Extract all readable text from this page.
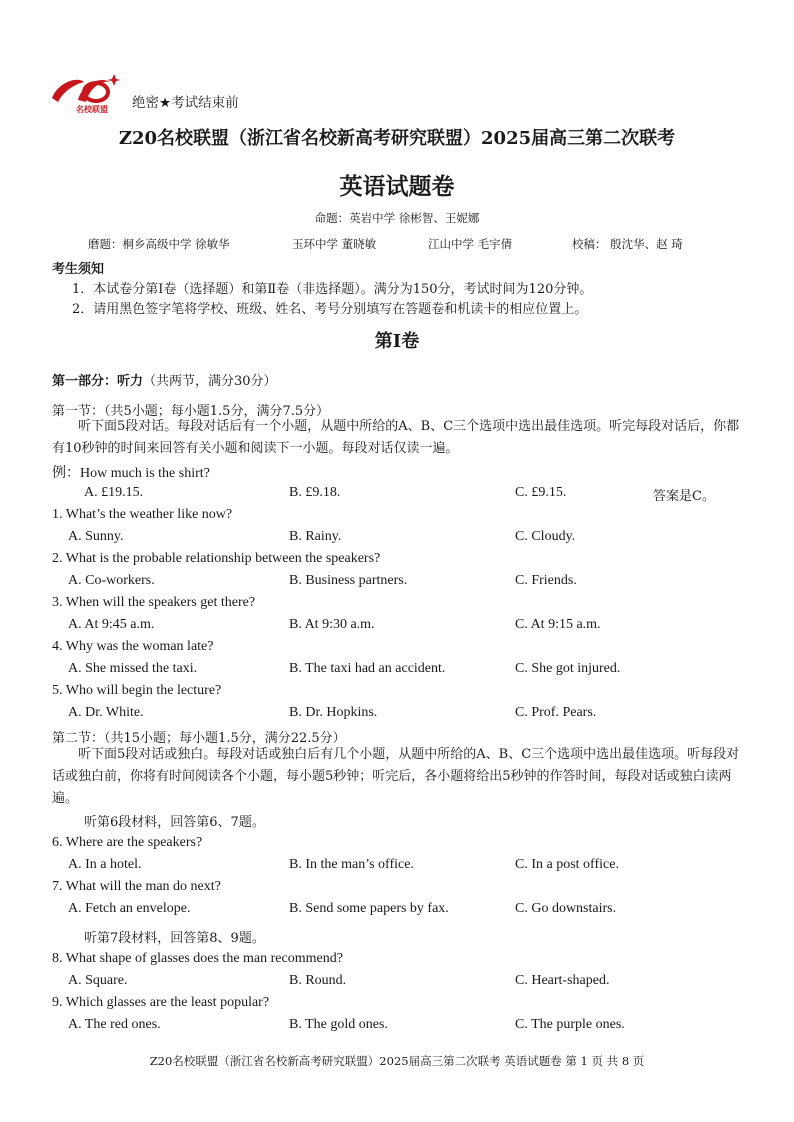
名校联盟 绝密★考试结束前
Z20名校联盟（浙江省名校新高考研究联盟）2025届高三第二次联考
英语试题卷
命题：英岩中学 徐彬智、王妮娜
磨题：桐乡高级中学 徐敏华	玉环中学 董晓敏	江山中学 毛宇倩	校稿： 殷沈华、赵 琦
考生须知
1．本试卷分第Ⅰ卷（选择题）和第Ⅱ卷（非选择题）。满分为150分，考试时间为120分钟。
2．请用黑色签字笔将学校、班级、姓名、考号分别填写在答题卷和机读卡的相应位置上。
第Ⅰ卷
第一部分：听力（共两节，满分30分）
第一节：（共5小题；每小题1.5分，满分7.5分）
听下面5段对话。每段对话后有一个小题，从题中所给的A、B、C三个选项中选出最佳选项。听完每段对话后，你都有10秒钟的时间来回答有关小题和阅读下一小题。每段对话仅读一遍。
例：How much is the shirt?
A. £19.15.	B. £9.18.	C. £9.15.	答案是C。
1. What’s the weather like now?
A. Sunny.	B. Rainy.	C. Cloudy.
2. What is the probable relationship between the speakers?
A. Co-workers.	B. Business partners.	C. Friends.
3. When will the speakers get there?
A. At 9:45 a.m.	B. At 9:30 a.m.	C. At 9:15 a.m.
4. Why was the woman late?
A. She missed the taxi.	B. The taxi had an accident.	C. She got injured.
5. Who will begin the lecture?
A. Dr. White.	B. Dr. Hopkins.	C. Prof. Pears.
第二节：（共15小题；每小题1.5分，满分22.5分）
听下面5段对话或独白。每段对话或独白后有几个小题，从题中所给的A、B、C三个选项中选出最佳选项。听每段对话或独白前，你将有时间阅读各个小题，每小题5秒钟；听完后，各小题将给出5秒钟的作答时间，每段对话或独白读两遍。
听第6段材料，回答第6、7题。
6. Where are the speakers?
A. In a hotel.	B. In the man’s office.	C. In a post office.
7. What will the man do next?
A. Fetch an envelope.	B. Send some papers by fax.	C. Go downstairs.
听第7段材料，回答第8、9题。
8. What shape of glasses does the man recommend?
A. Square.	B. Round.	C. Heart-shaped.
9. Which glasses are the least popular?
A. The red ones.	B. The gold ones.	C. The purple ones.
Z20名校联盟（浙江省名校新高考研究联盟）2025届高三第二次联考 英语试题卷 第 1 页 共 8 页
